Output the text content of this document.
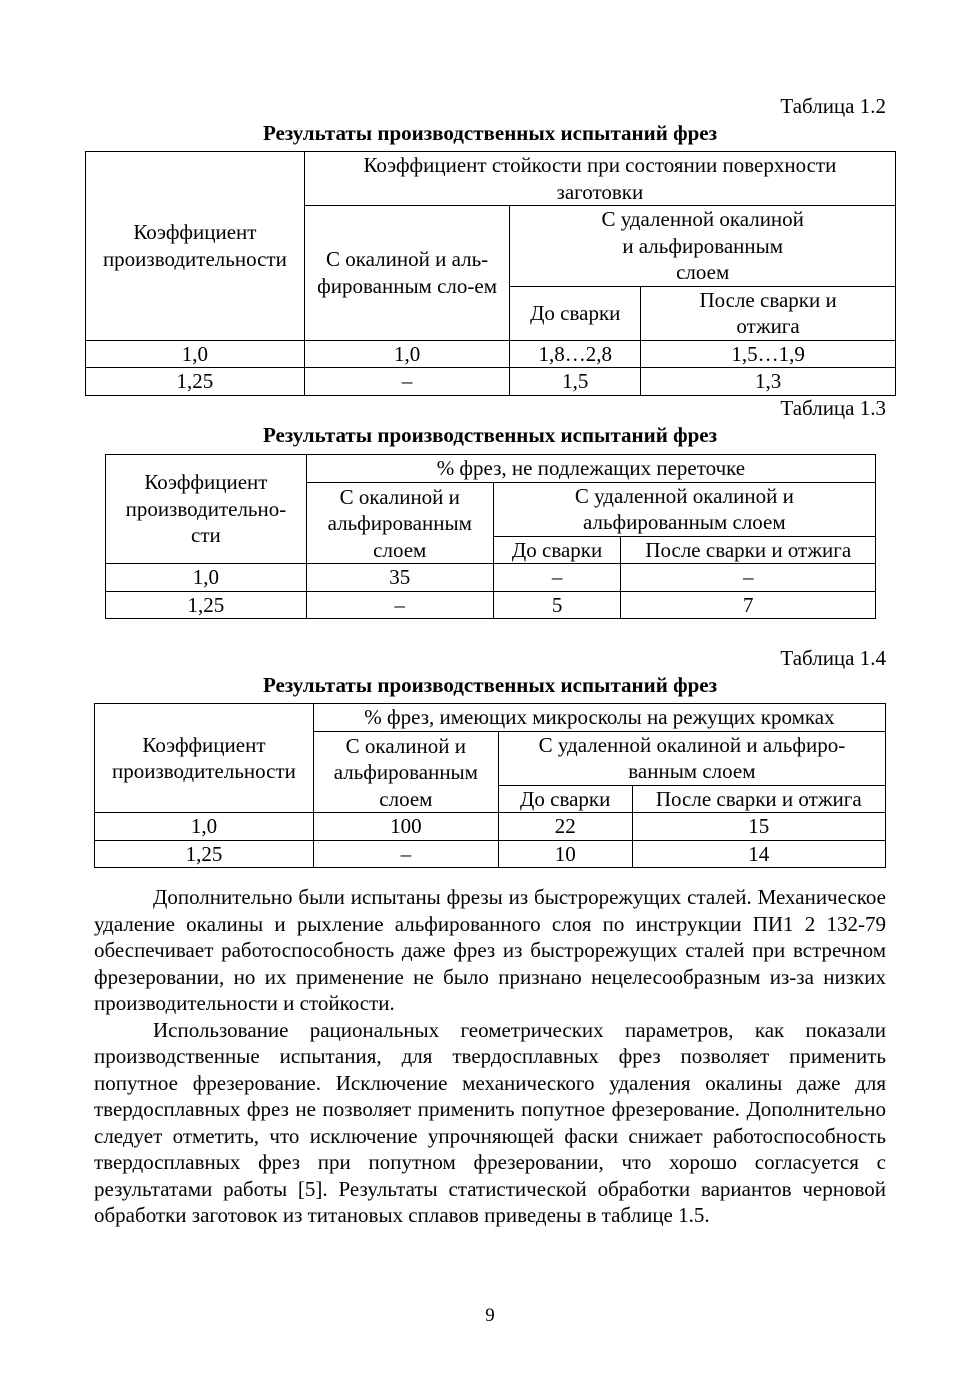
Таблица 1.2
Результаты производственных испытаний фрез
Коэффициент производительности	Коэффициент стойкости при состоянии поверхности заготовки		
	С окалиной и аль-фированным сло-ем	С удаленной окалиной и альфированным слоем	
		До сварки	После сварки и отжига
1,0	1,0	1,8…2,8	1,5…1,9
1,25	–	1,5	1,3
Таблица 1.3
Результаты производственных испытаний фрез
Коэффициент производительно-сти	% фрез, не подлежащих переточке		
	С окалиной и альфированным слоем	С удаленной окалиной и альфированным слоем	
		До сварки	После сварки и отжига
1,0	35	–	–
1,25	–	5	7
Таблица 1.4
Результаты производственных испытаний фрез
Коэффициент производительности	% фрез, имеющих микросколы на режущих кромках		
	С окалиной и альфированным слоем	С удаленной окалиной и альфиро-ванным слоем	
		До сварки	После сварки и отжига
1,0	100	22	15
1,25	–	10	14

Дополнительно были испытаны фрезы из быстрорежущих сталей. Механическое удаление окалины и рыхление альфированного слоя по инструкции ПИ1 2 132-79 обеспечивает работоспособность даже фрез из быстрорежущих сталей при встречном фрезеровании, но их применение не было признано нецелесообразным из-за низких производительности и стойкости.

Использование рациональных геометрических параметров, как показали производственные испытания, для твердосплавных фрез позволяет применить попутное фрезерование. Исключение механического удаления окалины даже для твердосплавных фрез не позволяет применить попутное фрезерование. Дополнительно следует отметить, что исключение упрочняющей фаски снижает работоспособность твердосплавных фрез при попутном фрезеровании, что хорошо согласуется с результатами работы [5]. Результаты статистической обработки вариантов черновой обработки заготовок из титановых сплавов приведены в таблице 1.5.

9
